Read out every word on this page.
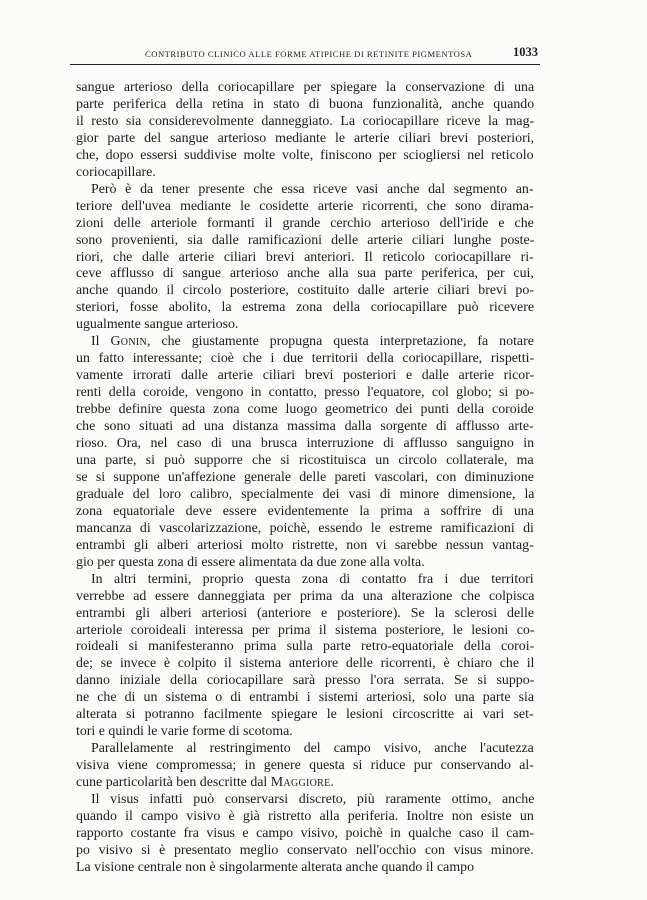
CONTRIBUTO CLINICO ALLE FORME ATIPICHE DI RETINITE PIGMENTOSA	1033

sangue arterioso della coriocapillare per spiegare la conservazione di una
parte periferica della retina in stato di buona funzionalità, anche quando
il resto sia considerevolmente danneggiato. La coriocapillare riceve la mag-
gior parte del sangue arterioso mediante le arterie ciliari brevi posteriori,
che, dopo essersi suddivise molte volte, finiscono per sciogliersi nel reticolo
coriocapillare.

Però è da tener presente che essa riceve vasi anche dal segmento an-
teriore dell'uvea mediante le cosidette arterie ricorrenti, che sono dirama-
zioni delle arteriole formanti il grande cerchio arterioso dell'iride e che
sono provenienti, sia dalle ramificazioni delle arterie ciliari lunghe poste-
riori, che dalle arterie ciliari brevi anteriori. Il reticolo coriocapillare ri-
ceve afflusso di sangue arterioso anche alla sua parte periferica, per cui,
anche quando il circolo posteriore, costituito dalle arterie ciliari brevi po-
steriori, fosse abolito, la estrema zona della coriocapillare può ricevere
ugualmente sangue arterioso.

Il Gonin, che giustamente propugna questa interpretazione, fa notare
un fatto interessante; cioè che i due territorii della coriocapillare, rispetti-
vamente irrorati dalle arterie ciliari brevi posteriori e dalle arterie ricor-
renti della coroide, vengono in contatto, presso l'equatore, col globo; si po-
trebbe definire questa zona come luogo geometrico dei punti della coroide
che sono situati ad una distanza massima dalla sorgente di afflusso arte-
rioso. Ora, nel caso di una brusca interruzione di afflusso sanguigno in
una parte, si può supporre che si ricostituisca un circolo collaterale, ma
se si suppone un'affezione generale delle pareti vascolari, con diminuzione
graduale del loro calibro, specialmente dei vasi di minore dimensione, la
zona equatoriale deve essere evidentemente la prima a soffrire di una
mancanza di vascolarizzazione, poichè, essendo le estreme ramificazioni di
entrambi gli alberi arteriosi molto ristrette, non vi sarebbe nessun vantag-
gio per questa zona di essere alimentata da due zone alla volta.

In altri termini, proprio questa zona di contatto fra i due territori
verrebbe ad essere danneggiata per prima da una alterazione che colpisca
entrambi gli alberi arteriosi (anteriore e posteriore). Se la sclerosi delle
arteriole coroideali interessa per prima il sistema posteriore, le lesioni co-
roideali si manifesteranno prima sulla parte retro-equatoriale della coroi-
de; se invece è colpito il sistema anteriore delle ricorrenti, è chiaro che il
danno iniziale della coriocapillare sarà presso l'ora serrata. Se si suppo-
ne che di un sistema o di entrambi i sistemi arteriosi, solo una parte sia
alterata si potranno facilmente spiegare le lesioni circoscritte ai vari set-
tori e quindi le varie forme di scotoma.

Parallelamente al restringimento del campo visivo, anche l'acutezza
visiva viene compromessa; in genere questa si riduce pur conservando al-
cune particolarità ben descritte dal Maggiore.

Il visus infatti può conservarsi discreto, più raramente ottimo, anche
quando il campo visivo è già ristretto alla periferia. Inoltre non esiste un
rapporto costante fra visus e campo visivo, poichè in qualche caso il cam-
po visivo si è presentato meglio conservato nell'occhio con visus minore.
La visione centrale non è singolarmente alterata anche quando il campo
